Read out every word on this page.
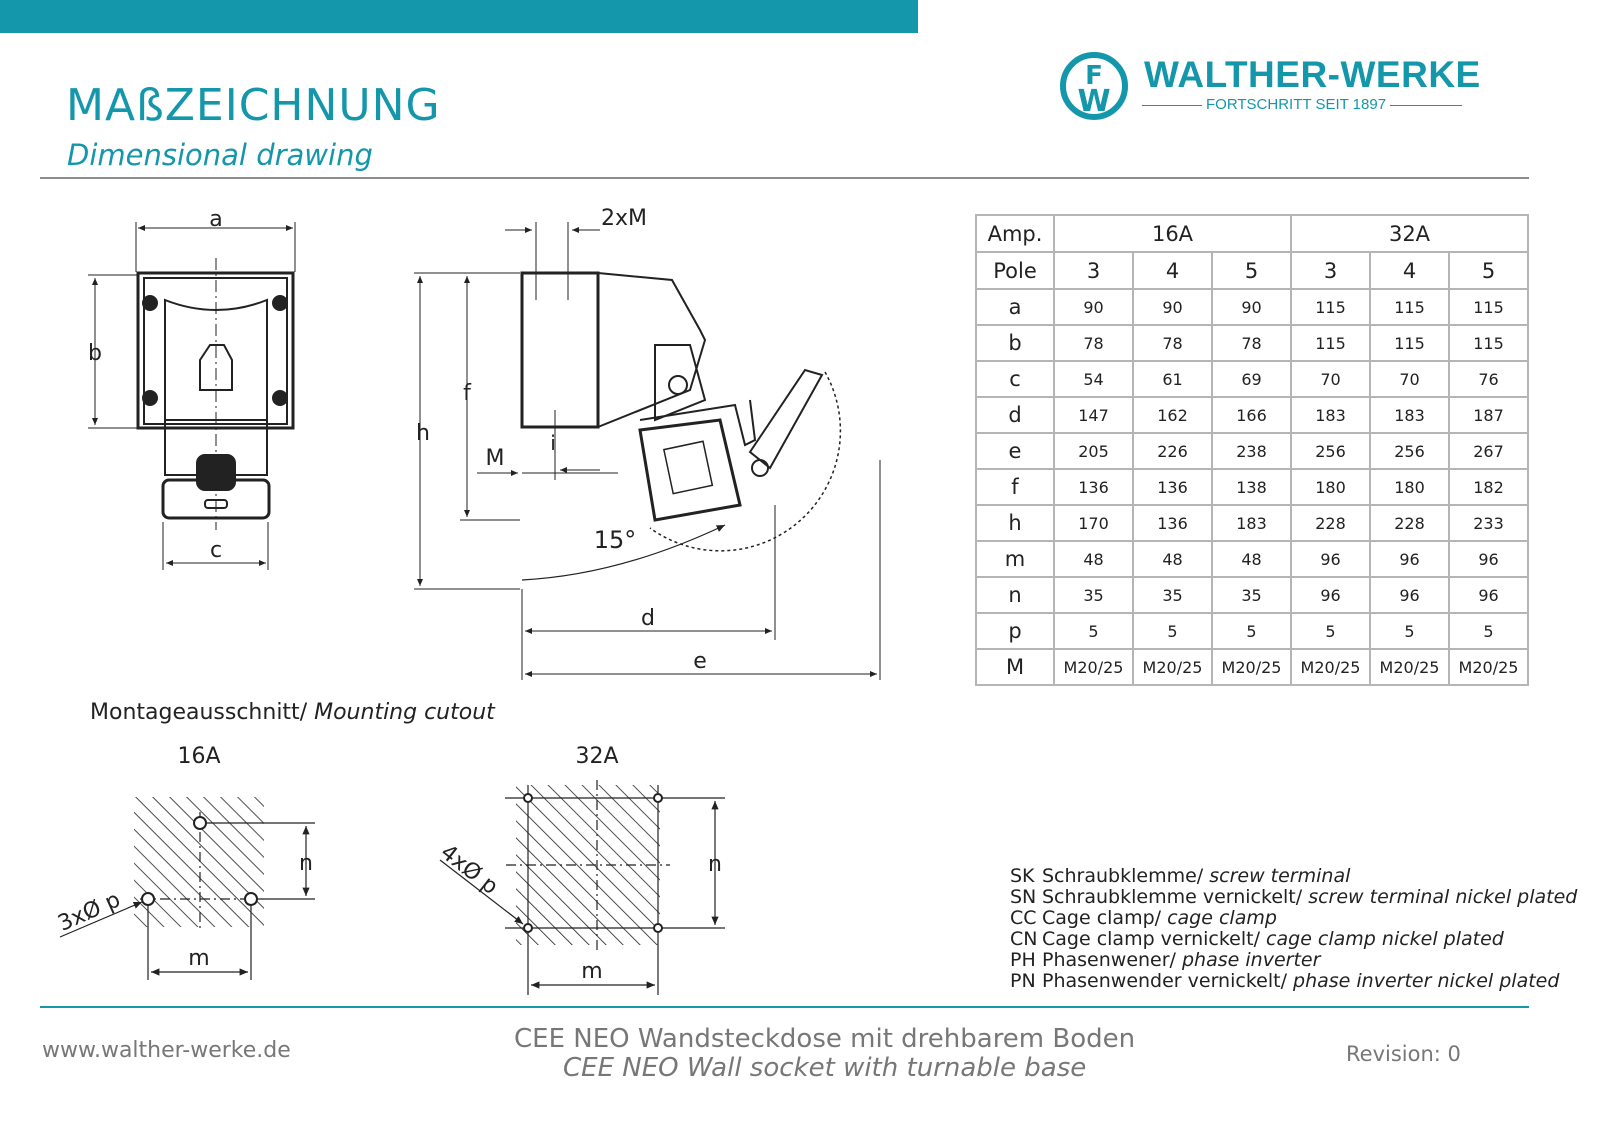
MAßZEICHNUNG
Dimensional drawing
F
W
WALTHER-WERKE
FORTSCHRITT SEIT 1897
a
b
c
2xM
h
f
M
i
15°
d
e
16A
n
m
3xØ p
32A
n
m
4xØ p
Amp.	16A			32A		
Pole	3	4	5	3	4	5
a	90	90	90	115	115	115
b	78	78	78	115	115	115
c	54	61	69	70	70	76
d	147	162	166	183	183	187
e	205	226	238	256	256	267
f	136	136	138	180	180	182
h	170	136	183	228	228	233
m	48	48	48	96	96	96
n	35	35	35	96	96	96
p	5	5	5	5	5	5
M	M20/25	M20/25	M20/25	M20/25	M20/25	M20/25
Montageausschnitt/ Mounting cutout
SK Schraubklemme/ screw terminal
SN Schraubklemme vernickelt/ screw terminal nickel plated
CC Cage clamp/ cage clamp
CN Cage clamp vernickelt/ cage clamp nickel plated
PH Phasenwener/ phase inverter
PN Phasenwender vernickelt/ phase inverter nickel plated
www.walther-werke.de	CEE NEO Wandsteckdose mit drehbarem Boden
CEE NEO Wall socket with turnable base	Revision: 0
